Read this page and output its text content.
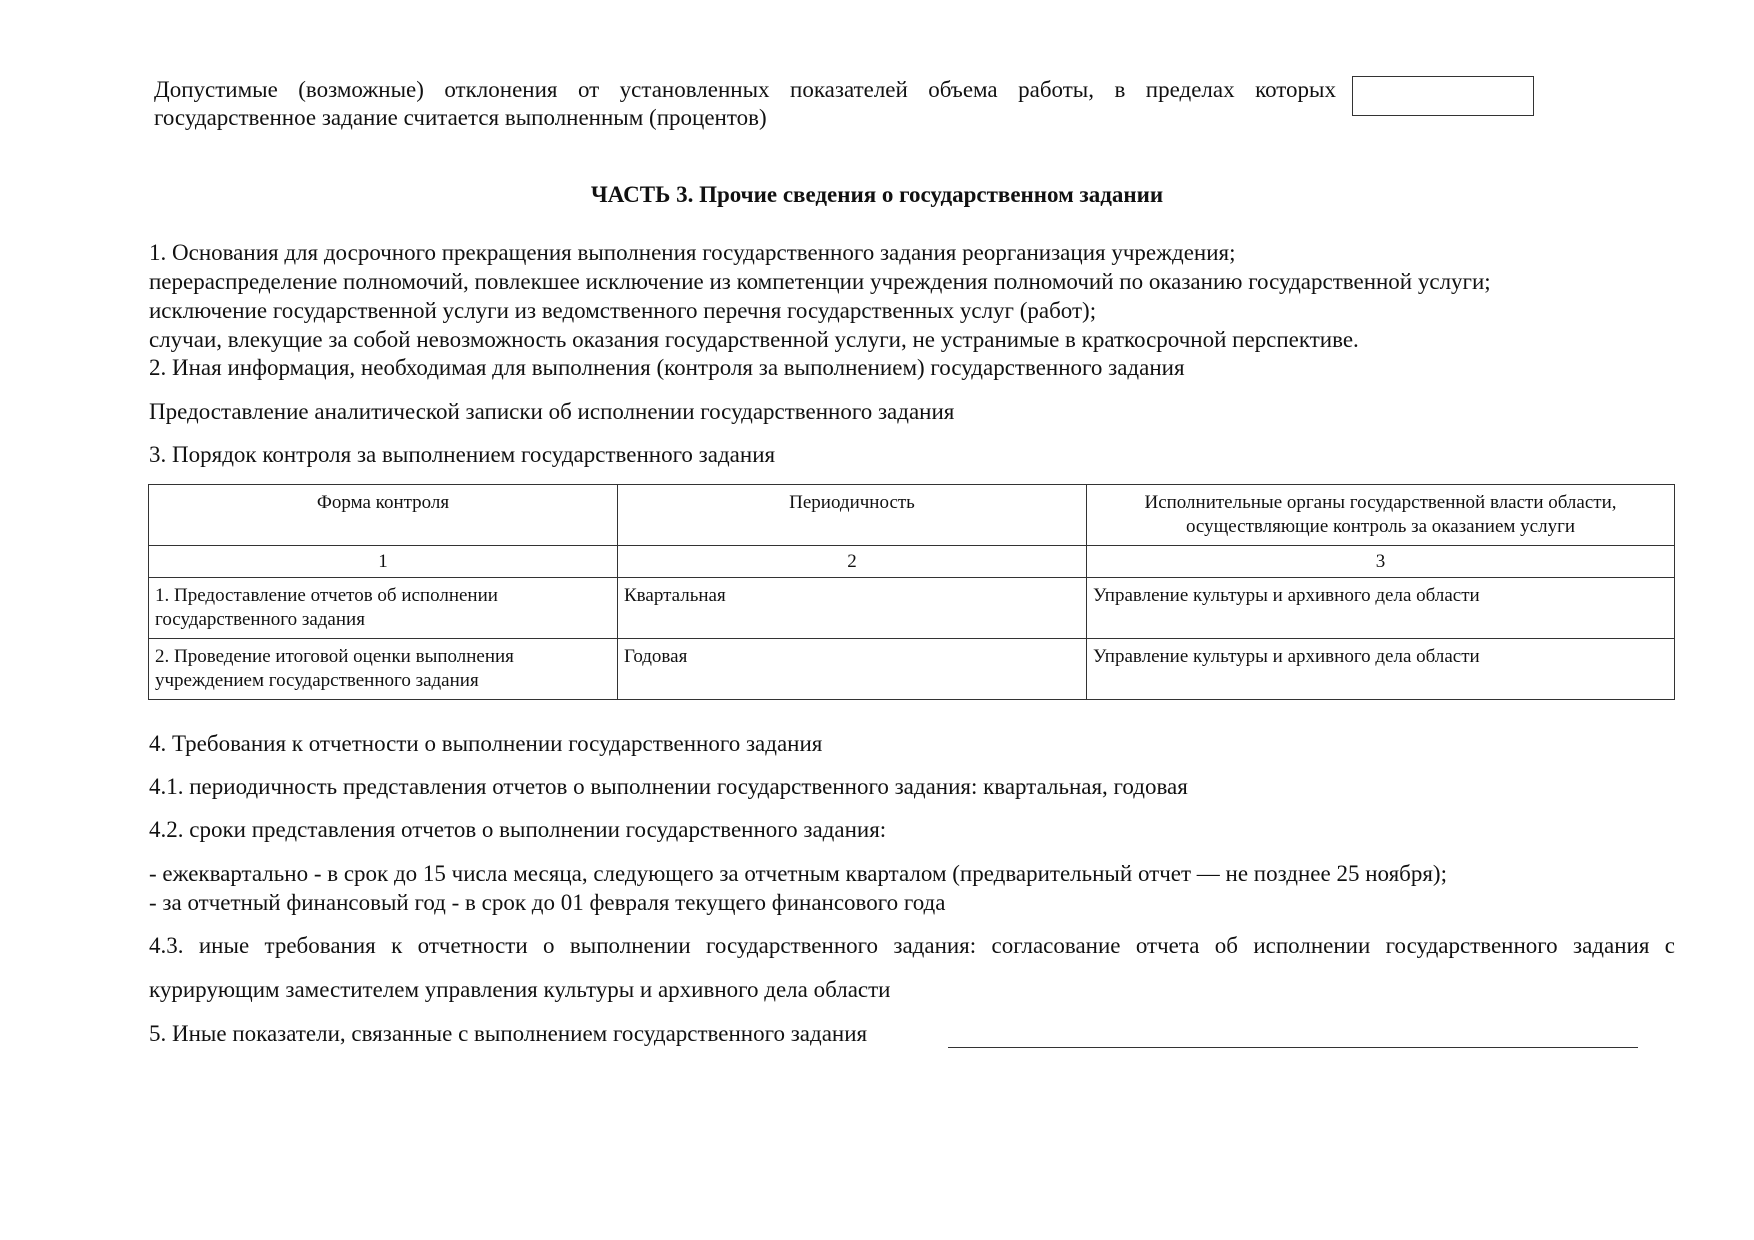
Допустимые (возможные) отклонения от установленных показателей объема работы, в пределах которых государственное задание считается выполненным (процентов)
ЧАСТЬ 3. Прочие сведения о государственном задании
1. Основания для досрочного прекращения выполнения государственного задания реорганизация учреждения;
перераспределение полномочий, повлекшее исключение из компетенции учреждения полномочий по оказанию государственной услуги;
исключение государственной услуги из ведомственного перечня государственных услуг (работ);
случаи, влекущие за собой невозможность оказания государственной услуги, не устранимые в краткосрочной перспективе.
2. Иная информация, необходимая для выполнения (контроля за выполнением) государственного задания
Предоставление аналитической записки об исполнении государственного задания
3. Порядок контроля за выполнением государственного задания
Форма контроля	Периодичность	Исполнительные органы государственной власти области, осуществляющие контроль за оказанием услуги
1	2	3
1. Предоставление отчетов об исполнении государственного задания	Квартальная	Управление культуры и архивного дела области
2. Проведение итоговой оценки выполнения учреждением государственного задания	Годовая	Управление культуры и архивного дела области
4. Требования к отчетности о выполнении государственного задания
4.1. периодичность представления отчетов о выполнении государственного задания: квартальная, годовая
4.2. сроки представления отчетов о выполнении государственного задания:
- ежеквартально - в срок до 15 числа месяца, следующего за отчетным кварталом (предварительный отчет — не позднее 25 ноября);
- за отчетный финансовый год - в срок до 01 февраля текущего финансового года
4.3. иные требования к отчетности о выполнении государственного задания: согласование отчета об исполнении государственного задания с
курирующим заместителем управления культуры и архивного дела области
5. Иные показатели, связанные с выполнением государственного задания
